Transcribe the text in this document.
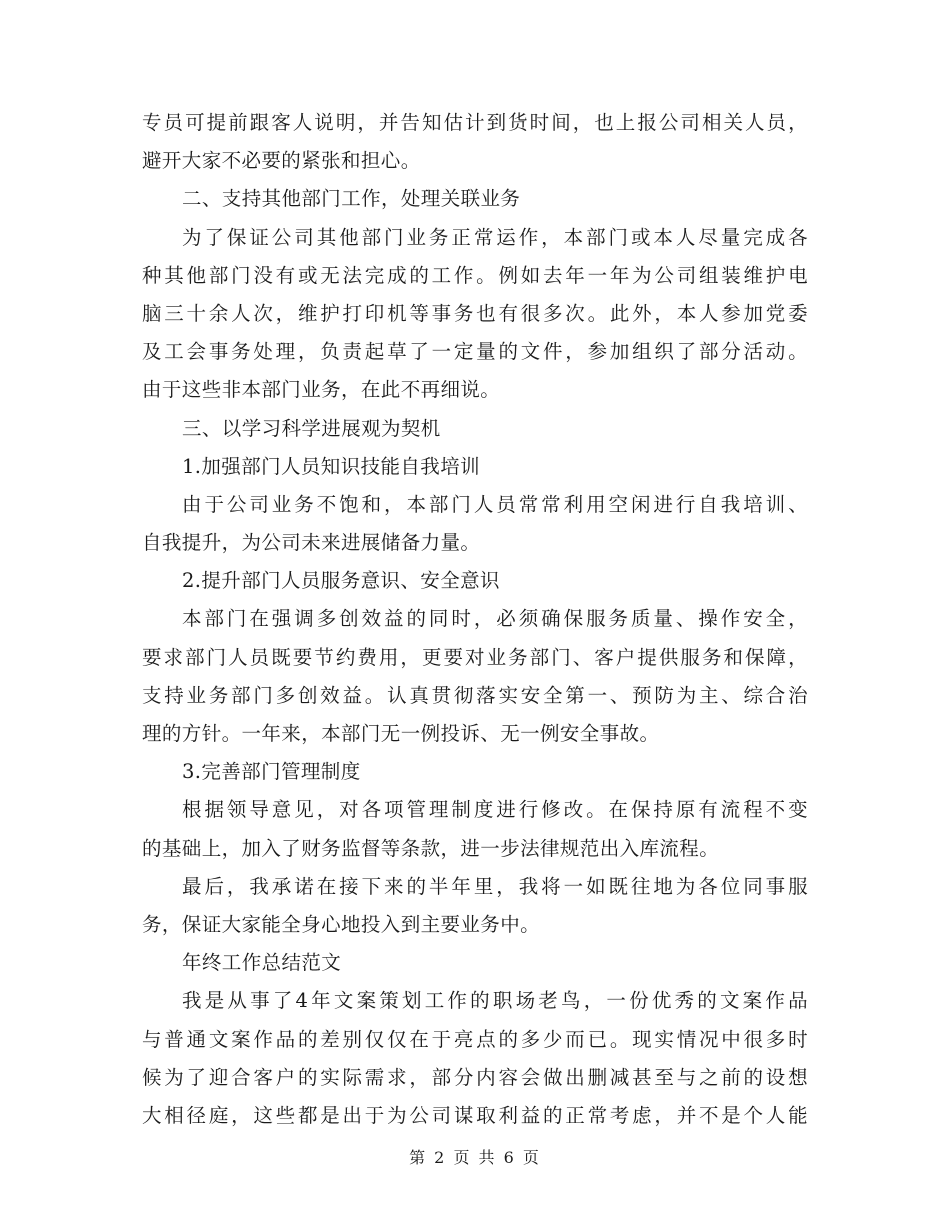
专员可提前跟客人说明，并告知估计到货时间，也上报公司相关人员，
避开大家不必要的紧张和担心。
二、支持其他部门工作，处理关联业务
为了保证公司其他部门业务正常运作，本部门或本人尽量完成各
种其他部门没有或无法完成的工作。例如去年一年为公司组装维护电
脑三十余人次，维护打印机等事务也有很多次。此外，本人参加党委
及工会事务处理，负责起草了一定量的文件，参加组织了部分活动。
由于这些非本部门业务，在此不再细说。
三、以学习科学进展观为契机
1.加强部门人员知识技能自我培训
由于公司业务不饱和，本部门人员常常利用空闲进行自我培训、
自我提升，为公司未来进展储备力量。
2.提升部门人员服务意识、安全意识
本部门在强调多创效益的同时，必须确保服务质量、操作安全，
要求部门人员既要节约费用，更要对业务部门、客户提供服务和保障，
支持业务部门多创效益。认真贯彻落实安全第一、预防为主、综合治
理的方针。一年来，本部门无一例投诉、无一例安全事故。
3.完善部门管理制度
根据领导意见，对各项管理制度进行修改。在保持原有流程不变
的基础上，加入了财务监督等条款，进一步法律规范出入库流程。
最后，我承诺在接下来的半年里，我将一如既往地为各位同事服
务，保证大家能全身心地投入到主要业务中。
年终工作总结范文
我是从事了4年文案策划工作的职场老鸟，一份优秀的文案作品
与普通文案作品的差别仅仅在于亮点的多少而已。现实情况中很多时
候为了迎合客户的实际需求，部分内容会做出删减甚至与之前的设想
大相径庭，这些都是出于为公司谋取利益的正常考虑，并不是个人能
第 2 页 共 6 页
